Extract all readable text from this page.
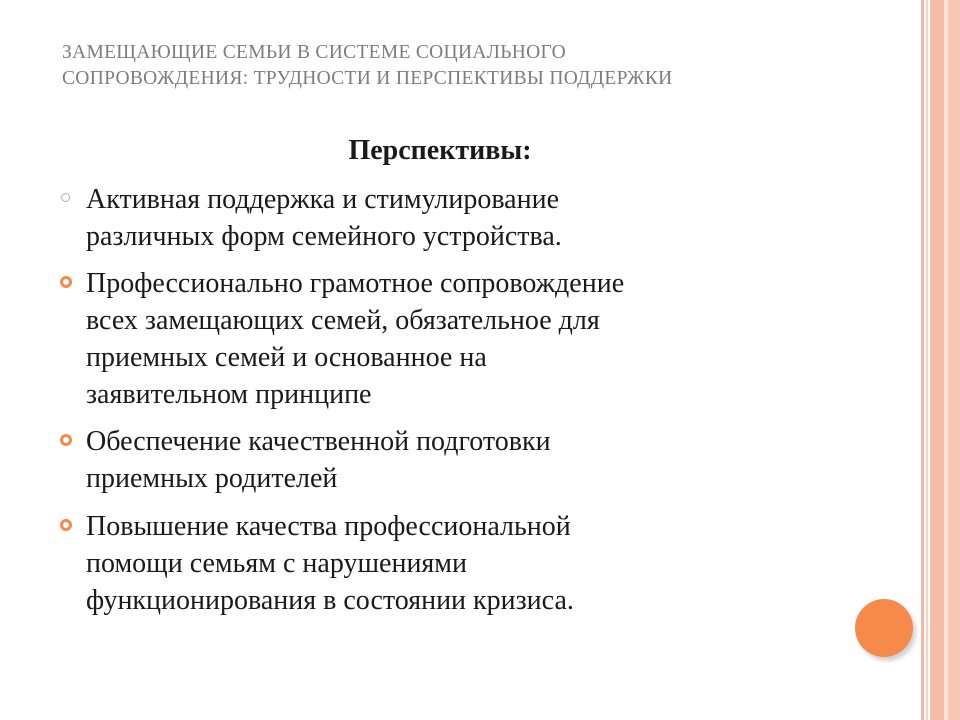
ЗАМЕЩАЮЩИЕ СЕМЬИ В СИСТЕМЕ СОЦИАЛЬНОГО
СОПРОВОЖДЕНИЯ: ТРУДНОСТИ И ПЕРСПЕКТИВЫ ПОДДЕРЖКИ
Перспективы:
Активная поддержка и стимулирование
различных форм семейного устройства.
Профессионально грамотное сопровождение
всех замещающих семей, обязательное для
приемных семей и основанное на
заявительном принципе
Обеспечение качественной подготовки
приемных родителей
Повышение качества профессиональной
помощи семьям с нарушениями
функционирования в состоянии кризиса.
